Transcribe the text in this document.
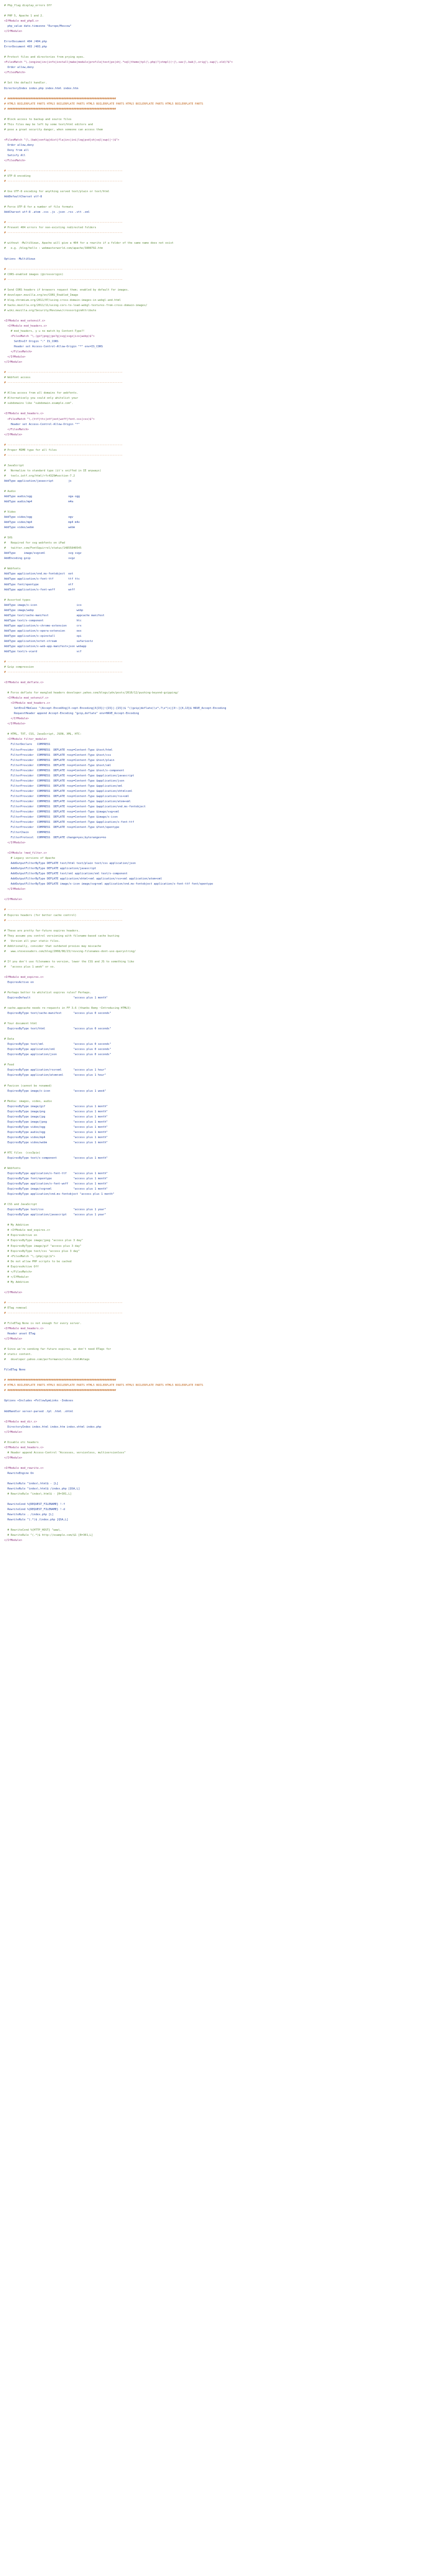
# Php_flag display_errors Off
# PHP 5, Apache 1 and 2.
<IfModule mod_php5.c>
php_value date.timezone "Europe/Moscow"
</IfModule>
ErrorDocument 404 /404.php
ErrorDocument 403 /403.php
# Protect files and directories from prying eyes.
<FilesMatch "\.(engine|inc|info|install|make|module|profile|test|po|sh|.*sql|theme|tpl(\.php)?|xtmpl)(~|\.sav|\.bak|\.orig|\.swp|\.old)?$">
Order allow,deny
</FilesMatch>
# Set the default handler.
DirectoryIndex index.php index.html index.htm
# ##################################################################
# HTML5 BOILERPLATE PARTS HTML5 BOILERPLATE PARTS HTML5 BOILERPLATE PARTS HTML5 BOILERPLATE PARTS HTML5 BOILERPLATE PARTS
# ##################################################################
# Block access to backup and source files
# This files may be left by some text/html editors and
# pose a great security danger, when someone can access them
<FilesMatch "(\.(bak|config|dist|fla|inc|ini|log|psd|sh|sql|swp)|~)$">
Order allow,deny
Deny from all
Satisfy All
</FilesMatch>
# ----------------------------------------------------------------------
# UTF-8 encoding
# ----------------------------------------------------------------------
# Use UTF-8 encoding for anything served text/plain or text/html
AddDefaultCharset utf-8
# Force UTF-8 for a number of file formats
AddCharset utf-8 .atom .css .js .json .rss .vtt .xml
# ----------------------------------------------------------------------
# Prevent 404 errors for non-existing redirected folders
# ----------------------------------------------------------------------
# without -MultiViews, Apache will give a 404 for a rewrite if a folder of the same name does not exist
#   e.g. /blog/hello : webmasterworld.com/apache/3808792.htm
Options -MultiViews
# ----------------------------------------------------------------------
# CORS-enabled images (@crossorigin)
# ----------------------------------------------------------------------
# Send CORS headers if browsers request them; enabled by default for images.
# developer.mozilla.org/en/CORS_Enabled_Image
# blog.chromium.org/2011/07/using-cross-domain-images-in-webgl-and.html
# hacks.mozilla.org/2011/11/using-cors-to-load-webgl-textures-from-cross-domain-images/
# wiki.mozilla.org/Security/Reviews/crossoriginAttribute
<IfModule mod_setenvif.c>
<IfModule mod_headers.c>
# mod_headers, y u no match by Content-Type?!
<FilesMatch "\.(gif|png|jpe?g|svg|svgz|ico|webp)$">
SetEnvIf Origin ":" IS_CORS
Header set Access-Control-Allow-Origin "*" env=IS_CORS
</FilesMatch>
</IfModule>
</IfModule>
# ----------------------------------------------------------------------
# Webfont access
# ----------------------------------------------------------------------
# Allow access from all domains for webfonts.
# Alternatively you could only whitelist your
# subdomains like "subdomain.example.com".
<IfModule mod_headers.c>
<FilesMatch "\.(ttf|ttc|otf|eot|woff|font.css|css)$">
Header set Access-Control-Allow-Origin "*"
</FilesMatch>
</IfModule>
# ----------------------------------------------------------------------
# Proper MIME type for all files
# ----------------------------------------------------------------------
# JavaScript
#   Normalize to standard type (it's sniffed in IE anyways)
#   tools.ietf.org/html/rfc4329#section-7.2
AddType application/javascript         js
# Audio
AddType audio/ogg                      oga ogg
AddType audio/mp4                      m4a
# Video
AddType video/ogg                      ogv
AddType video/mp4                      mp4 m4v
AddType video/webm                     webm
# SVG
#   Required for svg webfonts on iPad
#   twitter.com/FontSquirrel/status/14855840545
AddType     image/svg+xml              svg svgz
AddEncoding gzip                       svgz
# Webfonts
AddType application/vnd.ms-fontobject  eot
AddType application/x-font-ttf         ttf ttc
AddType font/opentype                  otf
AddType application/x-font-woff        woff
# Assorted types
AddType image/x-icon                        ico
AddType image/webp                          webp
AddType text/cache-manifest                 appcache manifest
AddType text/x-component                    htc
AddType application/x-chrome-extension      crx
AddType application/x-opera-extension       oex
AddType application/x-xpinstall             xpi
AddType application/octet-stream            safariextz
AddType application/x-web-app-manifest+json webapp
AddType text/x-vcard                        vcf
# ----------------------------------------------------------------------
# Gzip compression
# ----------------------------------------------------------------------
<IfModule mod_deflate.c>
# Force deflate for mangled headers developer.yahoo.com/blogs/ydn/posts/2010/12/pushing-beyond-gzipping/
<IfModule mod_setenvif.c>
<IfModule mod_headers.c>
SetEnvIfNoCase ^(Accept-EncodXng|X-cept-Encoding|X{15}|~{15}|-{15})$ ^((gzip|deflate)\s*,?\s*)+|[X~-]{4,13}$ HAVE_Accept-Encoding
RequestHeader append Accept-Encoding "gzip,deflate" env=HAVE_Accept-Encoding
</IfModule>
</IfModule>
# HTML, TXT, CSS, JavaScript, JSON, XML, HTC:
<IfModule filter_module>
FilterDeclare   COMPRESS
FilterProvider  COMPRESS  DEFLATE resp=Content-Type $text/html
FilterProvider  COMPRESS  DEFLATE resp=Content-Type $text/css
FilterProvider  COMPRESS  DEFLATE resp=Content-Type $text/plain
FilterProvider  COMPRESS  DEFLATE resp=Content-Type $text/xml
FilterProvider  COMPRESS  DEFLATE resp=Content-Type $text/x-component
FilterProvider  COMPRESS  DEFLATE resp=Content-Type $application/javascript
FilterProvider  COMPRESS  DEFLATE resp=Content-Type $application/json
FilterProvider  COMPRESS  DEFLATE resp=Content-Type $application/xml
FilterProvider  COMPRESS  DEFLATE resp=Content-Type $application/xhtml+xml
FilterProvider  COMPRESS  DEFLATE resp=Content-Type $application/rss+xml
FilterProvider  COMPRESS  DEFLATE resp=Content-Type $application/atom+xml
FilterProvider  COMPRESS  DEFLATE resp=Content-Type $application/vnd.ms-fontobject
FilterProvider  COMPRESS  DEFLATE resp=Content-Type $image/svg+xml
FilterProvider  COMPRESS  DEFLATE resp=Content-Type $image/x-icon
FilterProvider  COMPRESS  DEFLATE resp=Content-Type $application/x-font-ttf
FilterProvider  COMPRESS  DEFLATE resp=Content-Type $font/opentype
FilterChain     COMPRESS
FilterProtocol  COMPRESS  DEFLATE change=yes;byteranges=no
</IfModule>
<IfModule !mod_filter.c>
# Legacy versions of Apache
AddOutputFilterByType DEFLATE text/html text/plain text/css application/json
AddOutputFilterByType DEFLATE application/javascript
AddOutputFilterByType DEFLATE text/xml application/xml text/x-component
AddOutputFilterByType DEFLATE application/xhtml+xml application/rss+xml application/atom+xml
AddOutputFilterByType DEFLATE image/x-icon image/svg+xml application/vnd.ms-fontobject application/x-font-ttf font/opentype
</IfModule>
</IfModule>
# ----------------------------------------------------------------------
# Expires headers (for better cache control)
# ----------------------------------------------------------------------
# These are pretty far-future expires headers.
# They assume you control versioning with filename-based cache busting
#   Version all your static files.
# Additionally, consider that outdated proxies may miscache
#   www.stevesouders.com/blog/2008/08/23/revving-filenames-dont-use-querystring/
# If you don't use filenames to version, lower the CSS and JS to something like
#   "access plus 1 week" or so.
<IfModule mod_expires.c>
ExpiresActive on
# Perhaps better to whitelist expires rules? Perhaps.
ExpiresDefault                          "access plus 1 month"
# cache.appcache needs re-requests in FF 3.6 (thanks Remy ~Introducing HTML5)
ExpiresByType text/cache-manifest       "access plus 0 seconds"
# Your document html
ExpiresByType text/html                 "access plus 0 seconds"
# Data
ExpiresByType text/xml                  "access plus 0 seconds"
ExpiresByType application/xml           "access plus 0 seconds"
ExpiresByType application/json          "access plus 0 seconds"
# Feed
ExpiresByType application/rss+xml       "access plus 1 hour"
ExpiresByType application/atom+xml      "access plus 1 hour"
# Favicon (cannot be renamed)
ExpiresByType image/x-icon              "access plus 1 week"
# Media: images, video, audio
ExpiresByType image/gif                 "access plus 1 month"
ExpiresByType image/png                 "access plus 1 month"
ExpiresByType image/jpg                 "access plus 1 month"
ExpiresByType image/jpeg                "access plus 1 month"
ExpiresByType video/ogg                 "access plus 1 month"
ExpiresByType audio/ogg                 "access plus 1 month"
ExpiresByType video/mp4                 "access plus 1 month"
ExpiresByType video/webm                "access plus 1 month"
# HTC files  (css3pie)
ExpiresByType text/x-component          "access plus 1 month"
# Webfonts
ExpiresByType application/x-font-ttf    "access plus 1 month"
ExpiresByType font/opentype             "access plus 1 month"
ExpiresByType application/x-font-woff   "access plus 1 month"
ExpiresByType image/svg+xml             "access plus 1 month"
ExpiresByType application/vnd.ms-fontobject "access plus 1 month"
# CSS and JavaScript
ExpiresByType text/css                  "access plus 1 year"
ExpiresByType application/javascript    "access plus 1 year"
# My Addition
# <IfModule mod_expires.c>
# ExpiresActive on
# ExpiresByType image/jpeg "access plus 3 day"
# ExpiresByType image/gif "access plus 3 day"
# ExpiresByType text/css "access plus 3 day"
# <FilesMatch "\.(php|cgi)$">
# Do not allow PHP scripts to be cached
# ExpiresActive Off
# </FilesMatch>
# </IfModule>
# My Addition
</IfModule>
# ----------------------------------------------------------------------
# ETag removal
# ----------------------------------------------------------------------
# FileETag None is not enough for every server.
<IfModule mod_headers.c>
Header unset ETag
</IfModule>
# Since we're sending far-future expires, we don't need ETags for
# static content.
#   developer.yahoo.com/performance/rules.html#etags
FileETag None
# ##################################################################
# HTML5 BOILERPLATE PARTS HTML5 BOILERPLATE PARTS HTML5 BOILERPLATE PARTS HTML5 BOILERPLATE PARTS HTML5 BOILERPLATE PARTS
# ##################################################################
Options +Includes +FollowSymLinks -Indexes
AddHandler server-parsed .tpl .html .shtml
<IfModule mod_dir.c>
DirectoryIndex index.html index.htm index.shtml index.php
</IfModule>
# Disable etc headers
<IfModule mod_headers.c>
# Header append Access-Control "Accesses, versionless, multiversionless"
</IfModule>
<IfModule mod_rewrite.c>
RewriteEngine On
RewriteRule ^index\.html$ - [L]
RewriteRule ^index\.html$ /index.php [QSA,L]
# RewriteRule ^index\.html$ - [R=301,L]
RewriteCond %{REQUEST_FILENAME} !-f
RewriteCond %{REQUEST_FILENAME} !-d
RewriteRule . /index.php [L]
RewriteRule ^(.*)$ /index.php [QSA,L]
# RewriteCond %{HTTP_HOST} ^www\.
# RewriteRule ^(.*)$ http://example.com/$1 [R=301,L]
</IfModule>
